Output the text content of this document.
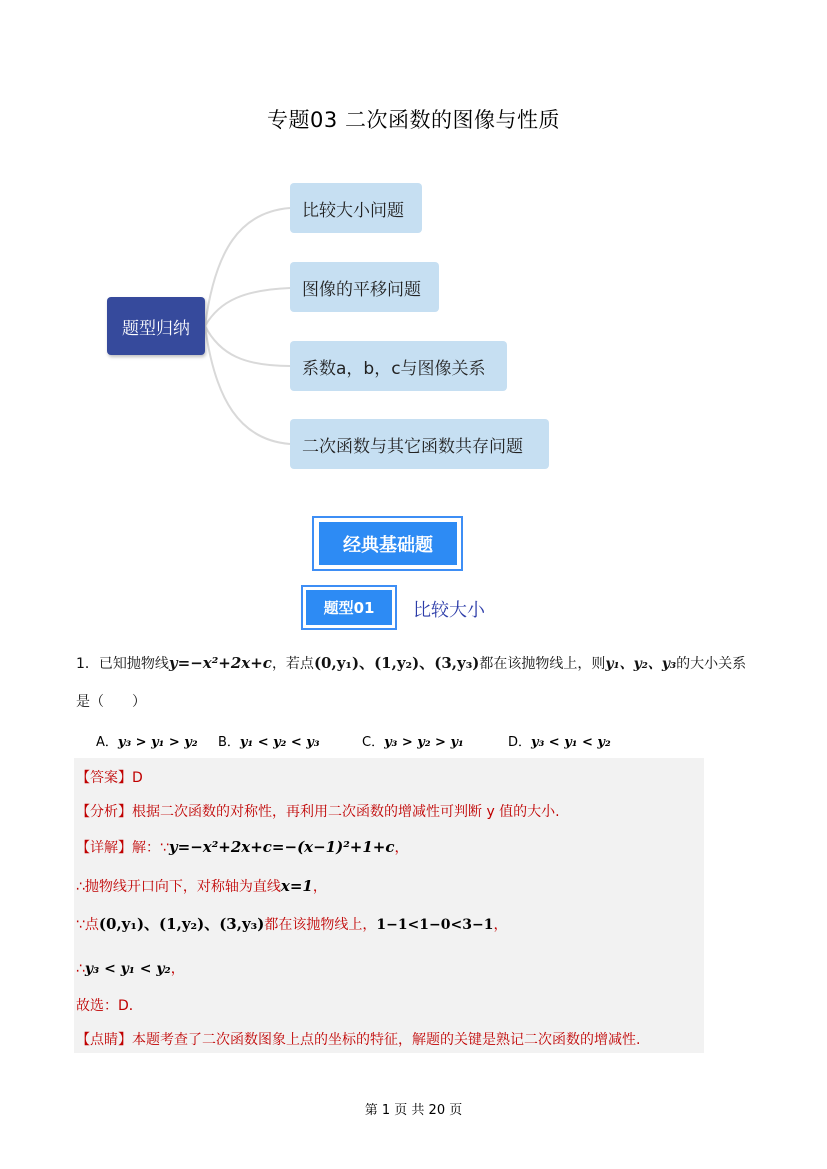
专题03 二次函数的图像与性质
题型归纳
比较大小问题
图像的平移问题
系数a，b，c与图像关系
二次函数与其它函数共存问题
经典基础题
题型01	比较大小
1．已知抛物线y=−x²+2x+c，若点(0,y₁)、(1,y₂)、(3,y₃)都在该抛物线上，则y₁、y₂、y₃的大小关系
是（　　）
A．y₃ > y₁ > y₂ B．y₁ < y₂ < y₃	C．y₃ > y₂ > y₁	D．y₃ < y₁ < y₂
【答案】D
【分析】根据二次函数的对称性，再利用二次函数的增减性可判断 y 值的大小.
【详解】解：∵y=−x²+2x+c=−(x−1)²+1+c，
∴抛物线开口向下，对称轴为直线x=1，
∵点(0,y₁)、(1,y₂)、(3,y₃)都在该抛物线上，1−1<1−0<3−1，
∴y₃ < y₁ < y₂，
故选：D．
【点睛】本题考查了二次函数图象上点的坐标的特征，解题的关键是熟记二次函数的增减性.
第 1 页 共 20 页
